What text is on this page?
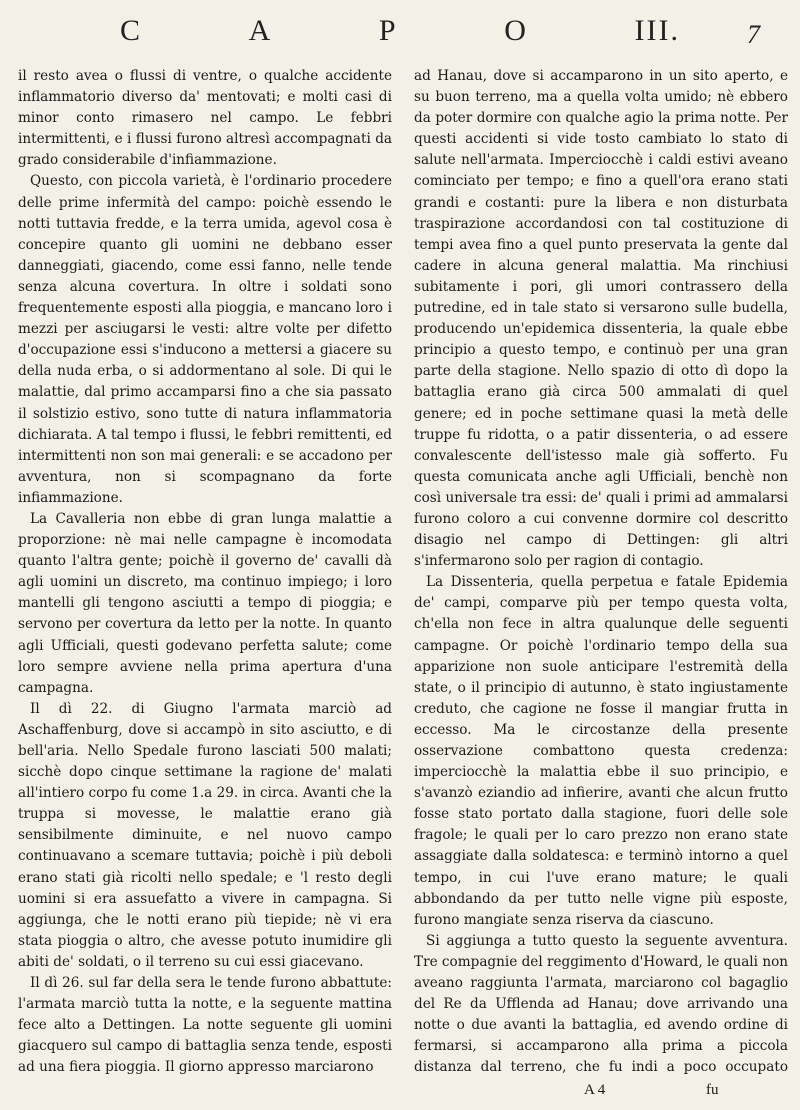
C	A	P	O	III.	7

il resto avea o flussi di ventre, o qualche accidente inflammatorio diverso da' mentovati; e molti casi di minor conto rimasero nel campo. Le febbri intermittenti, e i flussi furono altresì accompagnati da grado considerabile d'infiammazione.

Questo, con piccola varietà, è l'ordinario procedere delle prime infermità del campo: poichè essendo le notti tuttavia fredde, e la terra umida, agevol cosa è concepire quanto gli uomini ne debbano esser danneggiati, giacendo, come essi fanno, nelle tende senza alcuna covertura. In oltre i soldati sono frequentemente esposti alla pioggia, e mancano loro i mezzi per asciugarsi le vesti: altre volte per difetto d'occupazione essi s'inducono a mettersi a giacere su della nuda erba, o si addormentano al sole. Di qui le malattie, dal primo accamparsi fino a che sia passato il solstizio estivo, sono tutte di natura inflammatoria dichiarata. A tal tempo i flussi, le febbri remittenti, ed intermittenti non son mai generali: e se accadono per avventura, non si scompagnano da forte infiammazione.

La Cavalleria non ebbe di gran lunga malattie a proporzione: nè mai nelle campagne è incomodata quanto l'altra gente; poichè il governo de' cavalli dà agli uomini un discreto, ma continuo impiego; i loro mantelli gli tengono asciutti a tempo di pioggia; e servono per covertura da letto per la notte. In quanto agli Ufficiali, questi godevano perfetta salute; come loro sempre avviene nella prima apertura d'una campagna.

Il dì 22. di Giugno l'armata marciò ad Aschaffenburg, dove si accampò in sito asciutto, e di bell'aria. Nello Spedale furono lasciati 500 malati; sicchè dopo cinque settimane la ragione de' malati all'intiero corpo fu come 1.a 29. in circa. Avanti che la truppa si movesse, le malattie erano già sensibilmente diminuite, e nel nuovo campo continuavano a scemare tuttavia; poichè i più deboli erano stati già ricolti nello spedale; e 'l resto degli uomini si era assuefatto a vivere in campagna. Si aggiunga, che le notti erano più tiepide; nè vi era stata pioggia o altro, che avesse potuto inumidire gli abiti de' soldati, o il terreno su cui essi giacevano.

Il dì 26. sul far della sera le tende furono abbattute: l'armata marciò tutta la notte, e la seguente mattina fece alto a Dettingen. La notte seguente gli uomini giacquero sul campo di battaglia senza tende, esposti ad una fiera pioggia. Il giorno appresso marciarono

ad Hanau, dove si accamparono in un sito aperto, e su buon terreno, ma a quella volta umido; nè ebbero da poter dormire con qualche agio la prima notte. Per questi accidenti si vide tosto cambiato lo stato di salute nell'armata. Imperciocchè i caldi estivi aveano cominciato per tempo; e fino a quell'ora erano stati grandi e costanti: pure la libera e non disturbata traspirazione accordandosi con tal costituzione di tempi avea fino a quel punto preservata la gente dal cadere in alcuna general malattia. Ma rinchiusi subitamente i pori, gli umori contrassero della putredine, ed in tale stato si versarono sulle budella, producendo un'epidemica dissenteria, la quale ebbe principio a questo tempo, e continuò per una gran parte della stagione. Nello spazio di otto dì dopo la battaglia erano già circa 500 ammalati di quel genere; ed in poche settimane quasi la metà delle truppe fu ridotta, o a patir dissenteria, o ad essere convalescente dell'istesso male già sofferto. Fu questa comunicata anche agli Ufficiali, benchè non così universale tra essi: de' quali i primi ad ammalarsi furono coloro a cui convenne dormire col descritto disagio nel campo di Dettingen: gli altri s'infermarono solo per ragion di contagio.

La Dissenteria, quella perpetua e fatale Epidemia de' campi, comparve più per tempo questa volta, ch'ella non fece in altra qualunque delle seguenti campagne. Or poichè l'ordinario tempo della sua apparizione non suole anticipare l'estremità della state, o il principio di autunno, è stato ingiustamente creduto, che cagione ne fosse il mangiar frutta in eccesso. Ma le circostanze della presente osservazione combattono questa credenza: imperciocchè la malattia ebbe il suo principio, e s'avanzò eziandio ad infierire, avanti che alcun frutto fosse stato portato dalla stagione, fuori delle sole fragole; le quali per lo caro prezzo non erano state assaggiate dalla soldatesca: e terminò intorno a quel tempo, in cui l'uve erano mature; le quali abbondando da per tutto nelle vigne più esposte, furono mangiate senza riserva da ciascuno.

Si aggiunga a tutto questo la seguente avventura. Tre compagnie del reggimento d'Howard, le quali non aveano raggiunta l'armata, marciarono col bagaglio del Re da Ufflenda ad Hanau; dove arrivando una notte o due avanti la battaglia, ed avendo ordine di fermarsi, si accamparono alla prima a piccola distanza dal terreno, che fu indi a poco occupato

A 4	fu
